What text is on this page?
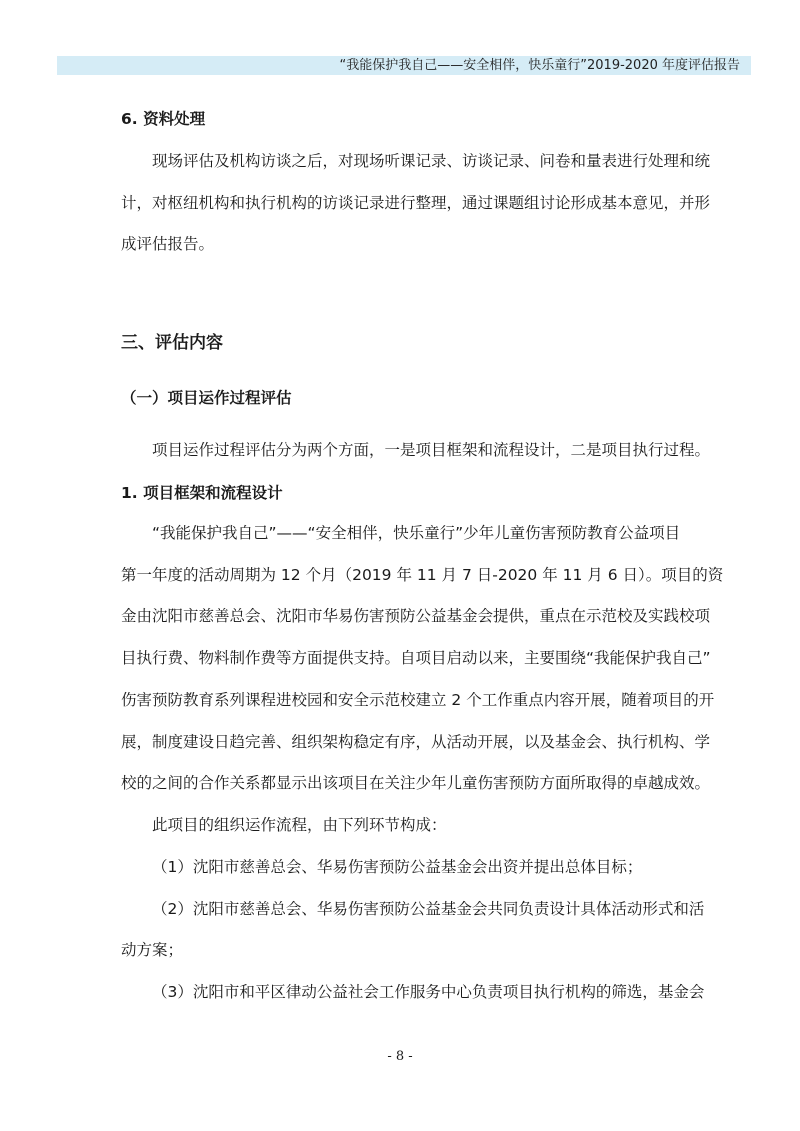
“我能保护我自己——安全相伴，快乐童行”2019-2020 年度评估报告
6. 资料处理
现场评估及机构访谈之后，对现场听课记录、访谈记录、问卷和量表进行处理和统
计，对枢纽机构和执行机构的访谈记录进行整理，通过课题组讨论形成基本意见，并形
成评估报告。
三、评估内容
（一）项目运作过程评估
项目运作过程评估分为两个方面，一是项目框架和流程设计，二是项目执行过程。
1. 项目框架和流程设计
“我能保护我自己”——“安全相伴，快乐童行”少年儿童伤害预防教育公益项目
第一年度的活动周期为 12 个月（2019 年 11 月 7 日-2020 年 11 月 6 日）。项目的资
金由沈阳市慈善总会、沈阳市华易伤害预防公益基金会提供，重点在示范校及实践校项
目执行费、物料制作费等方面提供支持。自项目启动以来，主要围绕“我能保护我自己”
伤害预防教育系列课程进校园和安全示范校建立 2 个工作重点内容开展，随着项目的开
展，制度建设日趋完善、组织架构稳定有序，从活动开展，以及基金会、执行机构、学
校的之间的合作关系都显示出该项目在关注少年儿童伤害预防方面所取得的卓越成效。
此项目的组织运作流程，由下列环节构成：
（1）沈阳市慈善总会、华易伤害预防公益基金会出资并提出总体目标；
（2）沈阳市慈善总会、华易伤害预防公益基金会共同负责设计具体活动形式和活
动方案；
（3）沈阳市和平区律动公益社会工作服务中心负责项目执行机构的筛选，基金会
- 8 -
